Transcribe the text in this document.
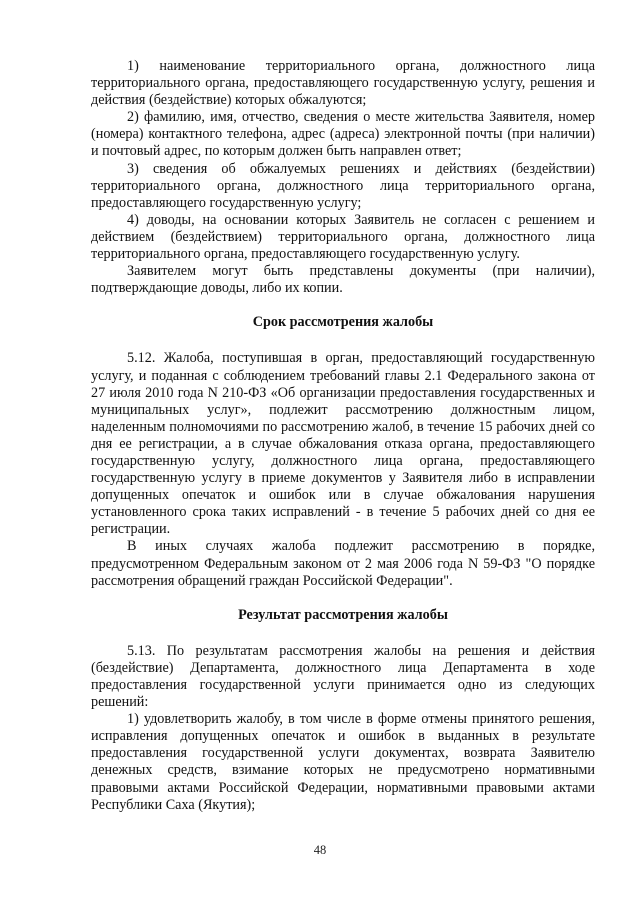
1) наименование территориального органа, должностного лица территориального органа, предоставляющего государственную услугу, решения и действия (бездействие) которых обжалуются;

2) фамилию, имя, отчество, сведения о месте жительства Заявителя, номер (номера) контактного телефона, адрес (адреса) электронной почты (при наличии) и почтовый адрес, по которым должен быть направлен ответ;

3) сведения об обжалуемых решениях и действиях (бездействии) территориального органа, должностного лица территориального органа, предоставляющего государственную услугу;

4) доводы, на основании которых Заявитель не согласен с решением и действием (бездействием) территориального органа, должностного лица территориального органа, предоставляющего государственную услугу.

Заявителем могут быть представлены документы (при наличии), подтверждающие доводы, либо их копии.

Срок рассмотрения жалобы

5.12. Жалоба, поступившая в орган, предоставляющий государственную услугу, и поданная с соблюдением требований главы 2.1 Федерального закона от 27 июля 2010 года N 210-ФЗ «Об организации предоставления государственных и муниципальных услуг», подлежит рассмотрению должностным лицом, наделенным полномочиями по рассмотрению жалоб, в течение 15 рабочих дней со дня ее регистрации, а в случае обжалования отказа органа, предоставляющего государственную услугу, должностного лица органа, предоставляющего государственную услугу в приеме документов у Заявителя либо в исправлении допущенных опечаток и ошибок или в случае обжалования нарушения установленного срока таких исправлений - в течение 5 рабочих дней со дня ее регистрации.

В иных случаях жалоба подлежит рассмотрению в порядке, предусмотренном Федеральным законом от 2 мая 2006 года N 59-ФЗ "О порядке рассмотрения обращений граждан Российской Федерации".

Результат рассмотрения жалобы

5.13. По результатам рассмотрения жалобы на решения и действия (бездействие) Департамента, должностного лица Департамента в ходе предоставления государственной услуги принимается одно из следующих решений:

1) удовлетворить жалобу, в том числе в форме отмены принятого решения, исправления допущенных опечаток и ошибок в выданных в результате предоставления государственной услуги документах, возврата Заявителю денежных средств, взимание которых не предусмотрено нормативными правовыми актами Российской Федерации, нормативными правовыми актами Республики Саха (Якутия);

48
